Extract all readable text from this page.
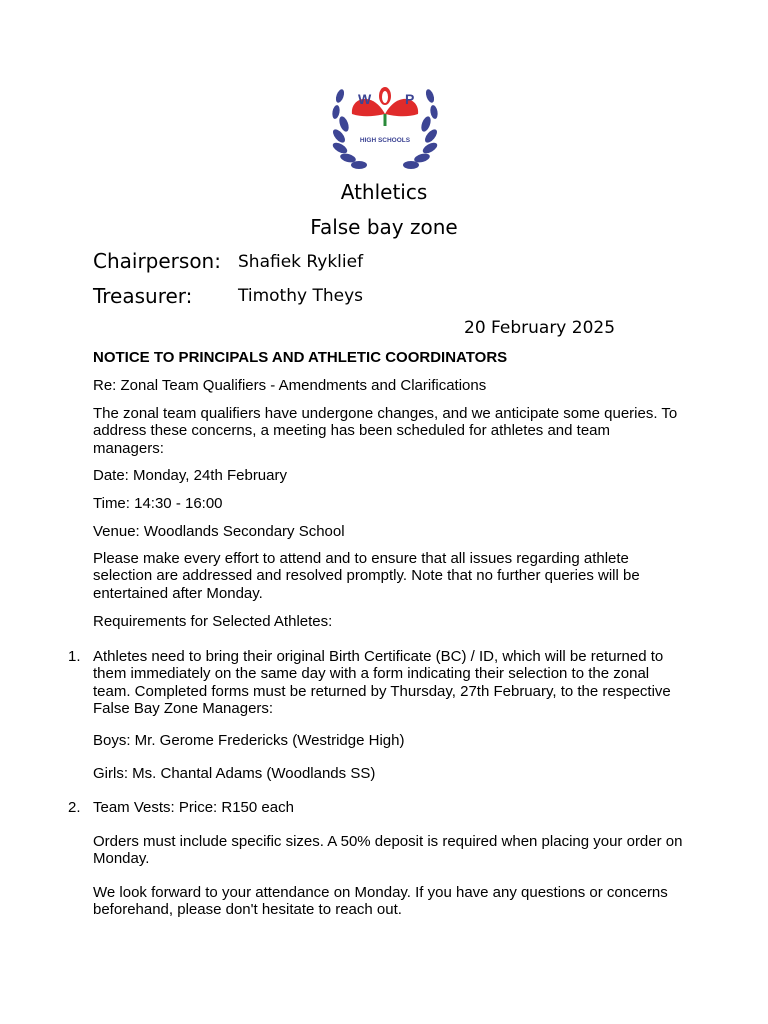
W P
HIGH SCHOOLS
Athletics
False bay zone
Chairperson: Shafiek Ryklief
Treasurer:	Timothy Theys
20 February 2025
NOTICE TO PRINCIPALS AND ATHLETIC COORDINATORS
Re: Zonal Team Qualifiers - Amendments and Clarifications
The zonal team qualifiers have undergone changes, and we anticipate some queries. To address these concerns, a meeting has been scheduled for athletes and team managers:
Date: Monday, 24th February
Time: 14:30 - 16:00
Venue: Woodlands Secondary School
Please make every effort to attend and to ensure that all issues regarding athlete selection are addressed and resolved promptly. Note that no further queries will be entertained after Monday.
Requirements for Selected Athletes:
1. Athletes need to bring their original Birth Certificate (BC) / ID, which will be returned to them immediately on the same day with a form indicating their selection to the zonal team. Completed forms must be returned by Thursday, 27th February, to the respective False Bay Zone Managers:
Boys: Mr. Gerome Fredericks (Westridge High)
Girls: Ms. Chantal Adams (Woodlands SS)
2. Team Vests: Price: R150 each
Orders must include specific sizes. A 50% deposit is required when placing your order on Monday.
We look forward to your attendance on Monday. If you have any questions or concerns beforehand, please don't hesitate to reach out.
